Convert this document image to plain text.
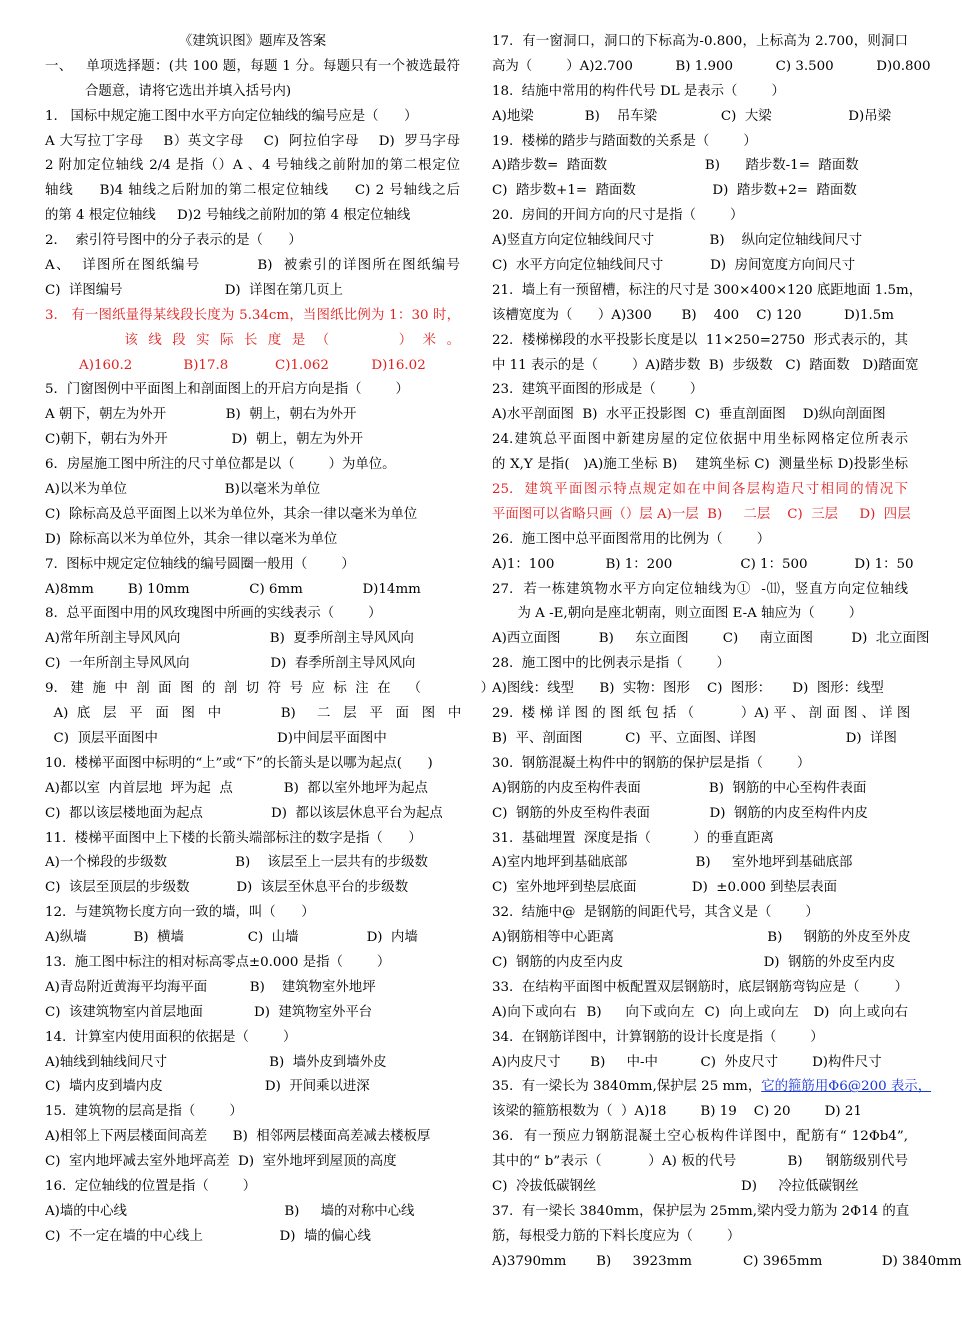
《建筑识图》题库及答案
一、   单项选择题：(共 100 题，每题 1 分。每题只有一个被选最符
合题意，请将它选出并填入括号内)
1.   国标中规定施工图中水平方向定位轴线的编号应是（      ）
A 大写拉丁字母    B）英文字母    C)  阿拉伯字母    D)  罗马字母
2 附加定位轴线 2/4 是指（）A 、4 号轴线之前附加的第二根定位
轴线     B)4 轴线之后附加的第二根定位轴线     C) 2 号轴线之后
的第 4 根定位轴线     D)2 号轴线之前附加的第 4 根定位轴线
2．  索引符号图中的分子表示的是（      ）
A、  详图所在图纸编号          B)  被索引的详图所在图纸编号
C)  详图编号                        D)  详图在第几页上
3.   有一图纸量得某线段长度为 5.34cm，当图纸比例为 1：30 时，
该  线  段  实  际  长  度  是  （              ）  米  。
A)160.2            B)17.8           C)1.062          D)16.02
5．门窗图例中平面图上和剖面图上的开启方向是指（        ）
A 朝下，朝左为外开              B)  朝上，朝右为外开
C)朝下，朝右为外开               D)  朝上，朝左为外开
6．房屋施工图中所注的尺寸单位都是以（        ）为单位。
A)以米为单位                       B)以毫米为单位
C)  除标高及总平面图上以米为单位外，其余一律以毫米为单位
D)  除标高以米为单位外，其余一律以毫米为单位
7.  图标中规定定位轴线的编号圆圈一般用（        ）
A)8mm        B) 10mm              C) 6mm              D)14mm
8.  总平面图中用的风玫瑰图中所画的实线表示（        ）
A)常年所剖主导风风向                     B)  夏季所剖主导风风向
C)  一年所剖主导风风向                   D)  春季所剖主导风风向
9.   建  施  中  剖  面  图  的  剖  切  符  号  应  标  注  在    （              ）
A)  底   层   平   面   图   中              B)     二   层   平   面   图   中
C)  顶层平面图中                            D)中间层平面图中
10.  楼梯平面图中标明的“上”或“下”的长箭头是以哪为起点(      )
A)都以室  内首层地  坪为起  点            B)  都以室外地坪为起点
C)  都以该层楼地面为起点                D)  都以该层休息平台为起点
11.  楼梯平面图中上下楼的长箭头端部标注的数字是指（      ）
A)一个梯段的步级数                B)    该层至上一层共有的步级数
C)  该层至顶层的步级数           D)  该层至休息平台的步级数
12.  与建筑物长度方向一致的墙，叫（      ）
A)纵墙           B)  横墙               C)  山墙                D)  内墙
13.  施工图中标注的相对标高零点±0.000 是指（        ）
A)青岛附近黄海平均海平面          B)    建筑物室外地坪
C)  该建筑物室内首层地面            D)  建筑物室外平台
14.  计算室内使用面积的依据是（        ）
A)轴线到轴线间尺寸                        B)  墙外皮到墙外皮
C)  墙内皮到墙内皮                        D)  开间乘以进深
15.  建筑物的层高是指（        ）
A)相邻上下两层楼面间高差      B)  相邻两层楼面高差减去楼板厚
C)  室内地坪减去室外地坪高差  D)  室外地坪到屋顶的高度
16.  定位轴线的位置是指（        ）
A)墙的中心线                                     B)     墙的对称中心线
C)  不一定在墙的中心线上                  D)  墙的偏心线
17.  有一窗洞口，洞口的下标高为-0.800，上标高为 2.700，则洞口
高为（        ）A)2.700          B) 1.900          C) 3.500          D)0.800
18.  结施中常用的构件代号 DL 是表示（        ）
A)地梁            B)    吊车梁               C)  大梁                  D)吊梁
19.  楼梯的踏步与踏面数的关系是（        ）
A)踏步数=  踏面数                       B)      踏步数-1=  踏面数
C)  踏步数+1=  踏面数                  D)  踏步数+2=  踏面数
20.  房间的开间方向的尺寸是指（        ）
A)竖直方向定位轴线间尺寸             B)    纵向定位轴线间尺寸
C)  水平方向定位轴线间尺寸           D)  房间宽度方向间尺寸
21.  墙上有一预留槽，标注的尺寸是 300×400×120 底距地面 1.5m，
该槽宽度为（      ）A)300       B)    400    C) 120          D)1.5m
22.  楼梯梯段的水平投影长度是以  11×250=2750  形式表示的，其
中 11 表示的是（        ）A)踏步数  B)  步级数   C)  踏面数   D)踏面宽
23.  建筑平面图的形成是（        ）
A)水平剖面图  B)  水平正投影图  C)  垂直剖面图    D)纵向剖面图
24.建筑总平面图中新建房屋的定位依据中用坐标网格定位所表示
的 X,Y 是指(   )A)施工坐标 B)    建筑坐标 C)  测量坐标 D)投影坐标
25.  建筑平面图示特点规定如在中间各层构造尺寸相同的情况下
平面图可以省略只画（）层 A)一层  B)     二层    C)  三层     D)  四层
26.  施工图中总平面图常用的比例为（        ）
A)1：100            B) 1：200                C) 1：500           D) 1：50
27.  若一栋建筑物水平方向定位轴线为①  -⑾，竖直方向定位轴线
为 A -E,朝向是座北朝南，则立面图 E-A 轴应为（        ）
A)西立面图         B)     东立面图        C)     南立面图         D)  北立面图
28.  施工图中的比例表示是指（        ）
A)图线：线型      B)  实物：图形    C)  图形：     D)  图形：线型
29.  楼 梯 详 图 的 图 纸 包 括 （           ）A) 平 、 剖 面 图 、 详 图
B)  平、剖面图          C)  平、立面图、详图                     D)  详图
30.  钢筋混凝土构件中的钢筋的保护层是指（        ）
A)钢筋的内皮至构件表面                B)  钢筋的中心至构件表面
C)  钢筋的外皮至构件表面              D)  钢筋的内皮至构件内皮
31.  基础埋置  深度是指（          ）的垂直距离
A)室内地坪到基础底部                B)     室外地坪到基础底部
C)  室外地坪到垫层底面             D)  ±0.000 到垫层表面
32.  结施中@  是钢筋的间距代号，其含义是（        ）
A)钢筋相等中心距离                                    B)     钢筋的外皮至外皮
C)  钢筋的内皮至内皮                                 D)  钢筋的外皮至内皮
33.  在结构平面图中板配置双层钢筋时，底层钢筋弯钩应是（        ）
A)向下或向右  B)     向下或向左  C)  向上或向左   D)  向上或向右
34.  在钢筋详图中，计算钢筋的设计长度是指（        ）
A)内皮尺寸       B)     中-中          C)  外皮尺寸        D)构件尺寸
35.  有一梁长为 3840mm,保护层 25 mm，它的箍筋用Φ6@200 表示，
该梁的箍筋根数为（  ）A)18        B) 19    C) 20        D) 21
36.  有一预应力钢筋混凝土空心板构件详图中，配筋有“ 12Φb4”,
其中的“ b”表示（          ）A) 板的代号           B)     钢筋级别代号
C)  冷拔低碳钢丝                                  D)     冷拉低碳钢丝
37.  有一梁长 3840mm，保护层为 25mm,梁内受力筋为 2Φ14 的直
筋，每根受力筋的下料长度应为（        ）
A)3790mm       B)     3923mm            C) 3965mm              D) 3840mm
